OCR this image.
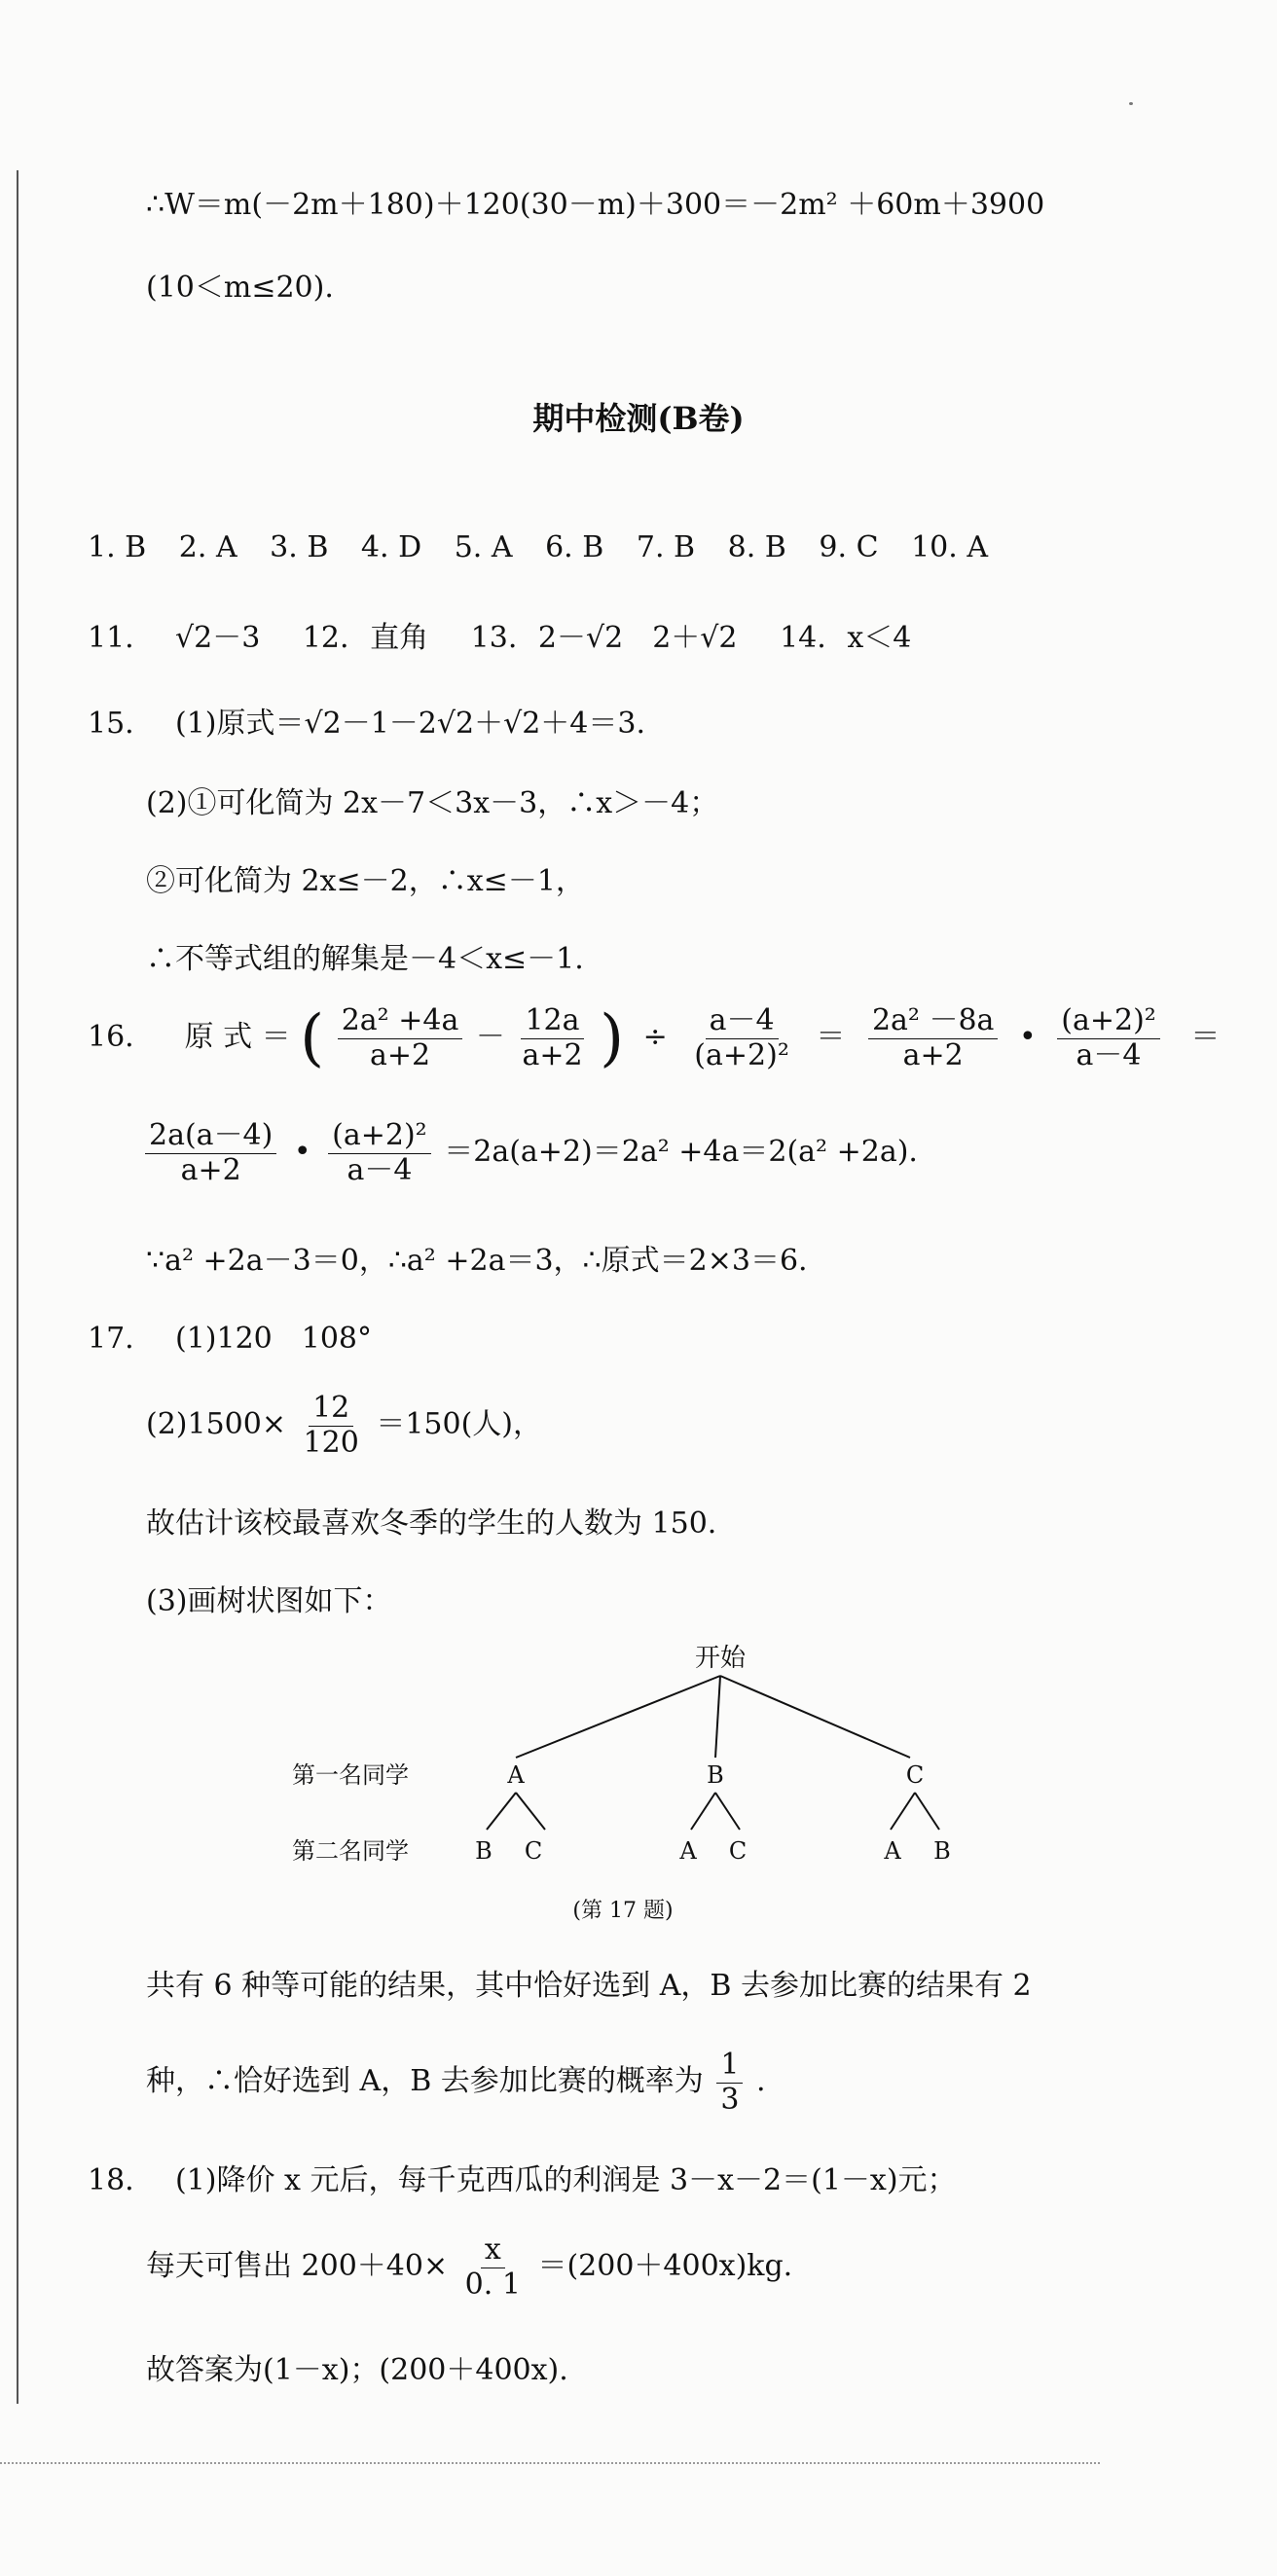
∴W＝m(－2m＋180)＋120(30－m)＋300＝－2m² ＋60m＋3900
(10＜m≤20).
期中检测(B卷)
1. B 2. A 3. B 4. D 5. A 6. B 7. B 8. B 9. C 10. A
11. √2－3 12. 直角 13. 2－√2　2＋√2 14. x＜4
15. (1)原式＝√2－1－2√2＋√2＋4＝3.
(2)①可化简为 2x－7＜3x－3，∴x＞－4；
②可化简为 2x≤－2，∴x≤－1，
∴不等式组的解集是－4＜x≤－1.
16. 原 式 ＝ ( $\frac{\text{2a² +4a}}{a+2} - \frac{12a}{a+2}$ ) ÷ $\frac{a-4}{\text{(a+2)²}} = \frac{\text{2a² －8a}}{a+2}$ • $\frac{\text{(a+2)²}}{a-4}$ ＝
$\frac{2a(a-4)}{a+2}$ • $\frac{\text{(a+2)²}}{a-4} =2a(a+2)=2a^2 +4a=2(a^2 +2a)$.
∵a² +2a－3＝0，∴a² +2a＝3，∴原式＝2×3＝6.
17. (1)120　108°
$(2)1500\times \frac{12}{120} =150$(人)，
故估计该校最喜欢冬季的学生的人数为 150.
(3)画树状图如下：
开始
第一名同学
第二名同学
A	B	C
B C	A C	A B
(第 17 题)
共有 6 种等可能的结果，其中恰好选到 A，B 去参加比赛的结果有 2
种，∴恰好选到 A，B 去参加比赛的概率为 $\frac{1}{3}$ .
18. (1)降价 x 元后，每千克西瓜的利润是 3－x－2＝(1－x)元；
每天可售出 $200+40\times \frac{x}{0. 1} =(200+400x)kg$.
故答案为(1－x)；(200＋400x).
